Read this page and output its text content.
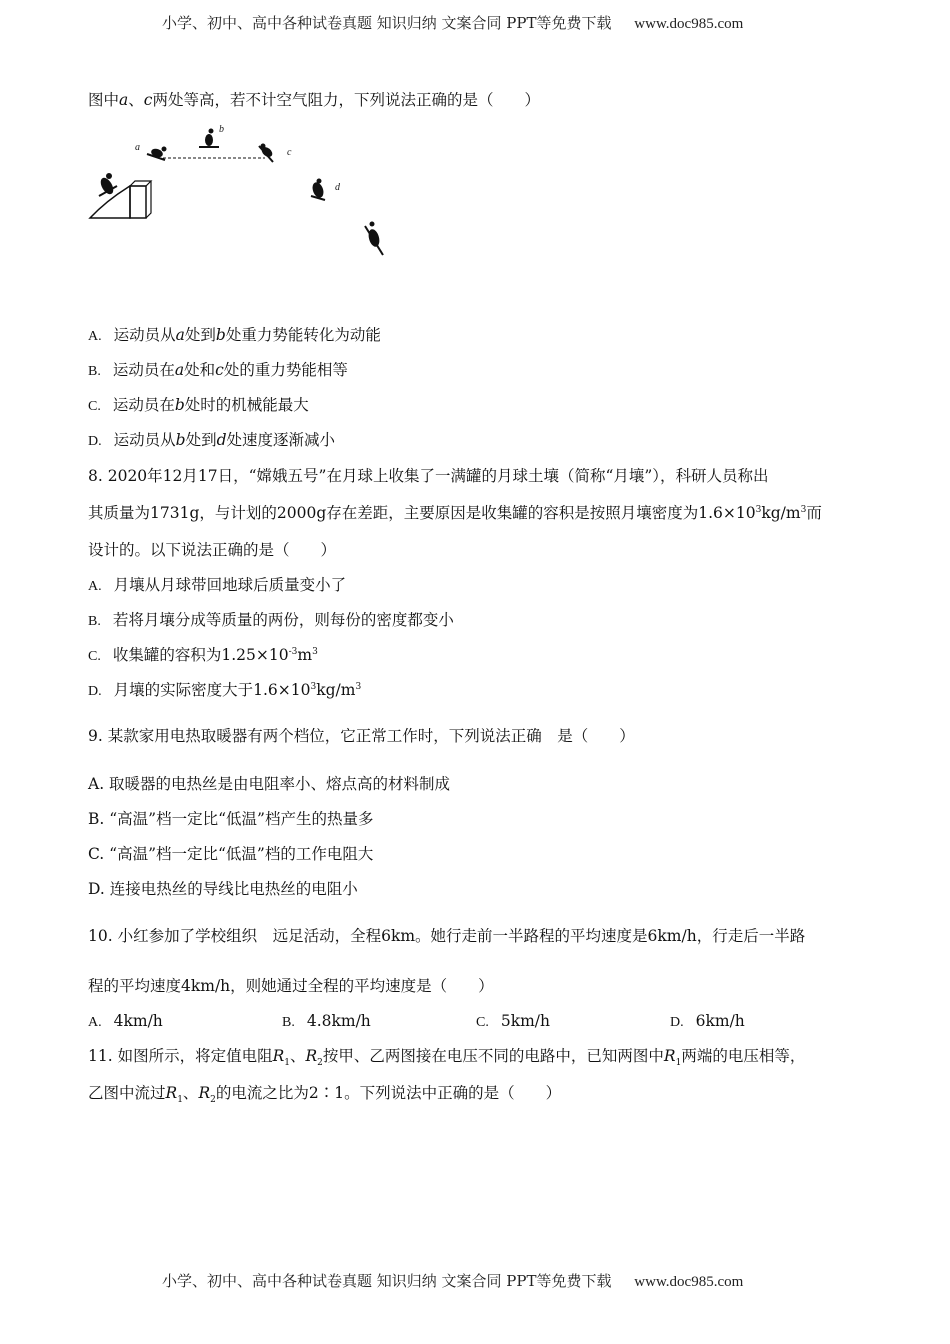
小学、初中、高中各种试卷真题 知识归纳 文案合同 PPT等免费下载 www.doc985.com
图中a、c两处等高，若不计空气阻力，下列说法正确的是（　　）
a
b
c
d
A. 运动员从a处到b处重力势能转化为动能
B. 运动员在a处和c处的重力势能相等
C. 运动员在b处时的机械能最大
D. 运动员从b处到d处速度逐渐减小
8. 2020年12月17日，“嫦娥五号”在月球上收集了一满罐的月球土壤（简称“月壤”），科研人员称出
其质量为1731g，与计划的2000g存在差距，主要原因是收集罐的容积是按照月壤密度为$1.6\times 10^3kg/m^3$而
设计的。以下说法正确的是（　　）
A. 月壤从月球带回地球后质量变小了
B. 若将月壤分成等质量的两份，则每份的密度都变小
C. 收集罐的容积为$1.25\times 10^{-3}m^3$
D. 月壤的实际密度大于$1.6\times 10^3kg/m^3$
9. 某款家用电热取暖器有两个档位，它正常工作时，下列说法正确　是（　　）
A. 取暖器的电热丝是由电阻率小、熔点高的材料制成
B. “高温”档一定比“低温”档产生的热量多
C. “高温”档一定比“低温”档的工作电阻大
D. 连接电热丝的导线比电热丝的电阻小
10. 小红参加了学校组织　远足活动，全程6km。她行走前一半路程的平均速度是6km/h，行走后一半路
程的平均速度4km/h，则她通过全程的平均速度是（　　）
A. 4km/h	B. 4.8km/h	C. 5km/h	D. 6km/h
11. 如图所示，将定值电阻$R_1$、$R_2$按甲、乙两图接在电压不同的电路中，已知两图中$R_1$两端的电压相等，
乙图中流过$R_1$、$R_2$的电流之比为2∶1。下列说法中正确的是（　　）
小学、初中、高中各种试卷真题 知识归纳 文案合同 PPT等免费下载 www.doc985.com
